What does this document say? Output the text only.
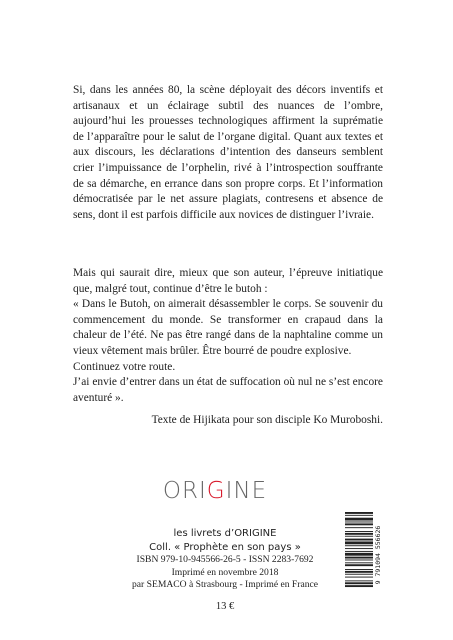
Si, dans les années 80, la scène déployait des décors inventifs et artisanaux et un éclairage subtil des nuances de l’ombre, aujourd’hui les prouesses technologiques affirment la suprématie de l’apparaître pour le salut de l’organe digital. Quant aux textes et aux discours, les déclarations d’intention des danseurs semblent crier l’impuissance de l’orphelin, rivé à l’introspection souffrante de sa démarche, en errance dans son propre corps. Et l’information démocratisée par le net assure plagiats, contresens et absence de sens, dont il est parfois difficile aux novices de distinguer l’ivraie.

Mais qui saurait dire, mieux que son auteur, l’épreuve initiatique que, malgré tout, continue d’être le butoh :

« Dans le Butoh, on aimerait désassembler le corps. Se souvenir du commencement du monde. Se transformer en crapaud dans la chaleur de l’été. Ne pas être rangé dans de la naphtaline comme un vieux vêtement mais brûler. Être bourré de poudre explosive.

Continuez votre route.

J’ai envie d’entrer dans un état de suffocation où nul ne s’est encore aventuré ».

Texte de Hijikata pour son disciple Ko Muroboshi.
ORIGINE
les livrets d’ORIGINE
Coll. « Prophète en son pays »
ISBN 979-10-945566-26-5 - ISSN 2283-7692
Imprimé en novembre 2018
par SEMACO à Strasbourg - Imprimé en France
13 €
9 791094 556626
